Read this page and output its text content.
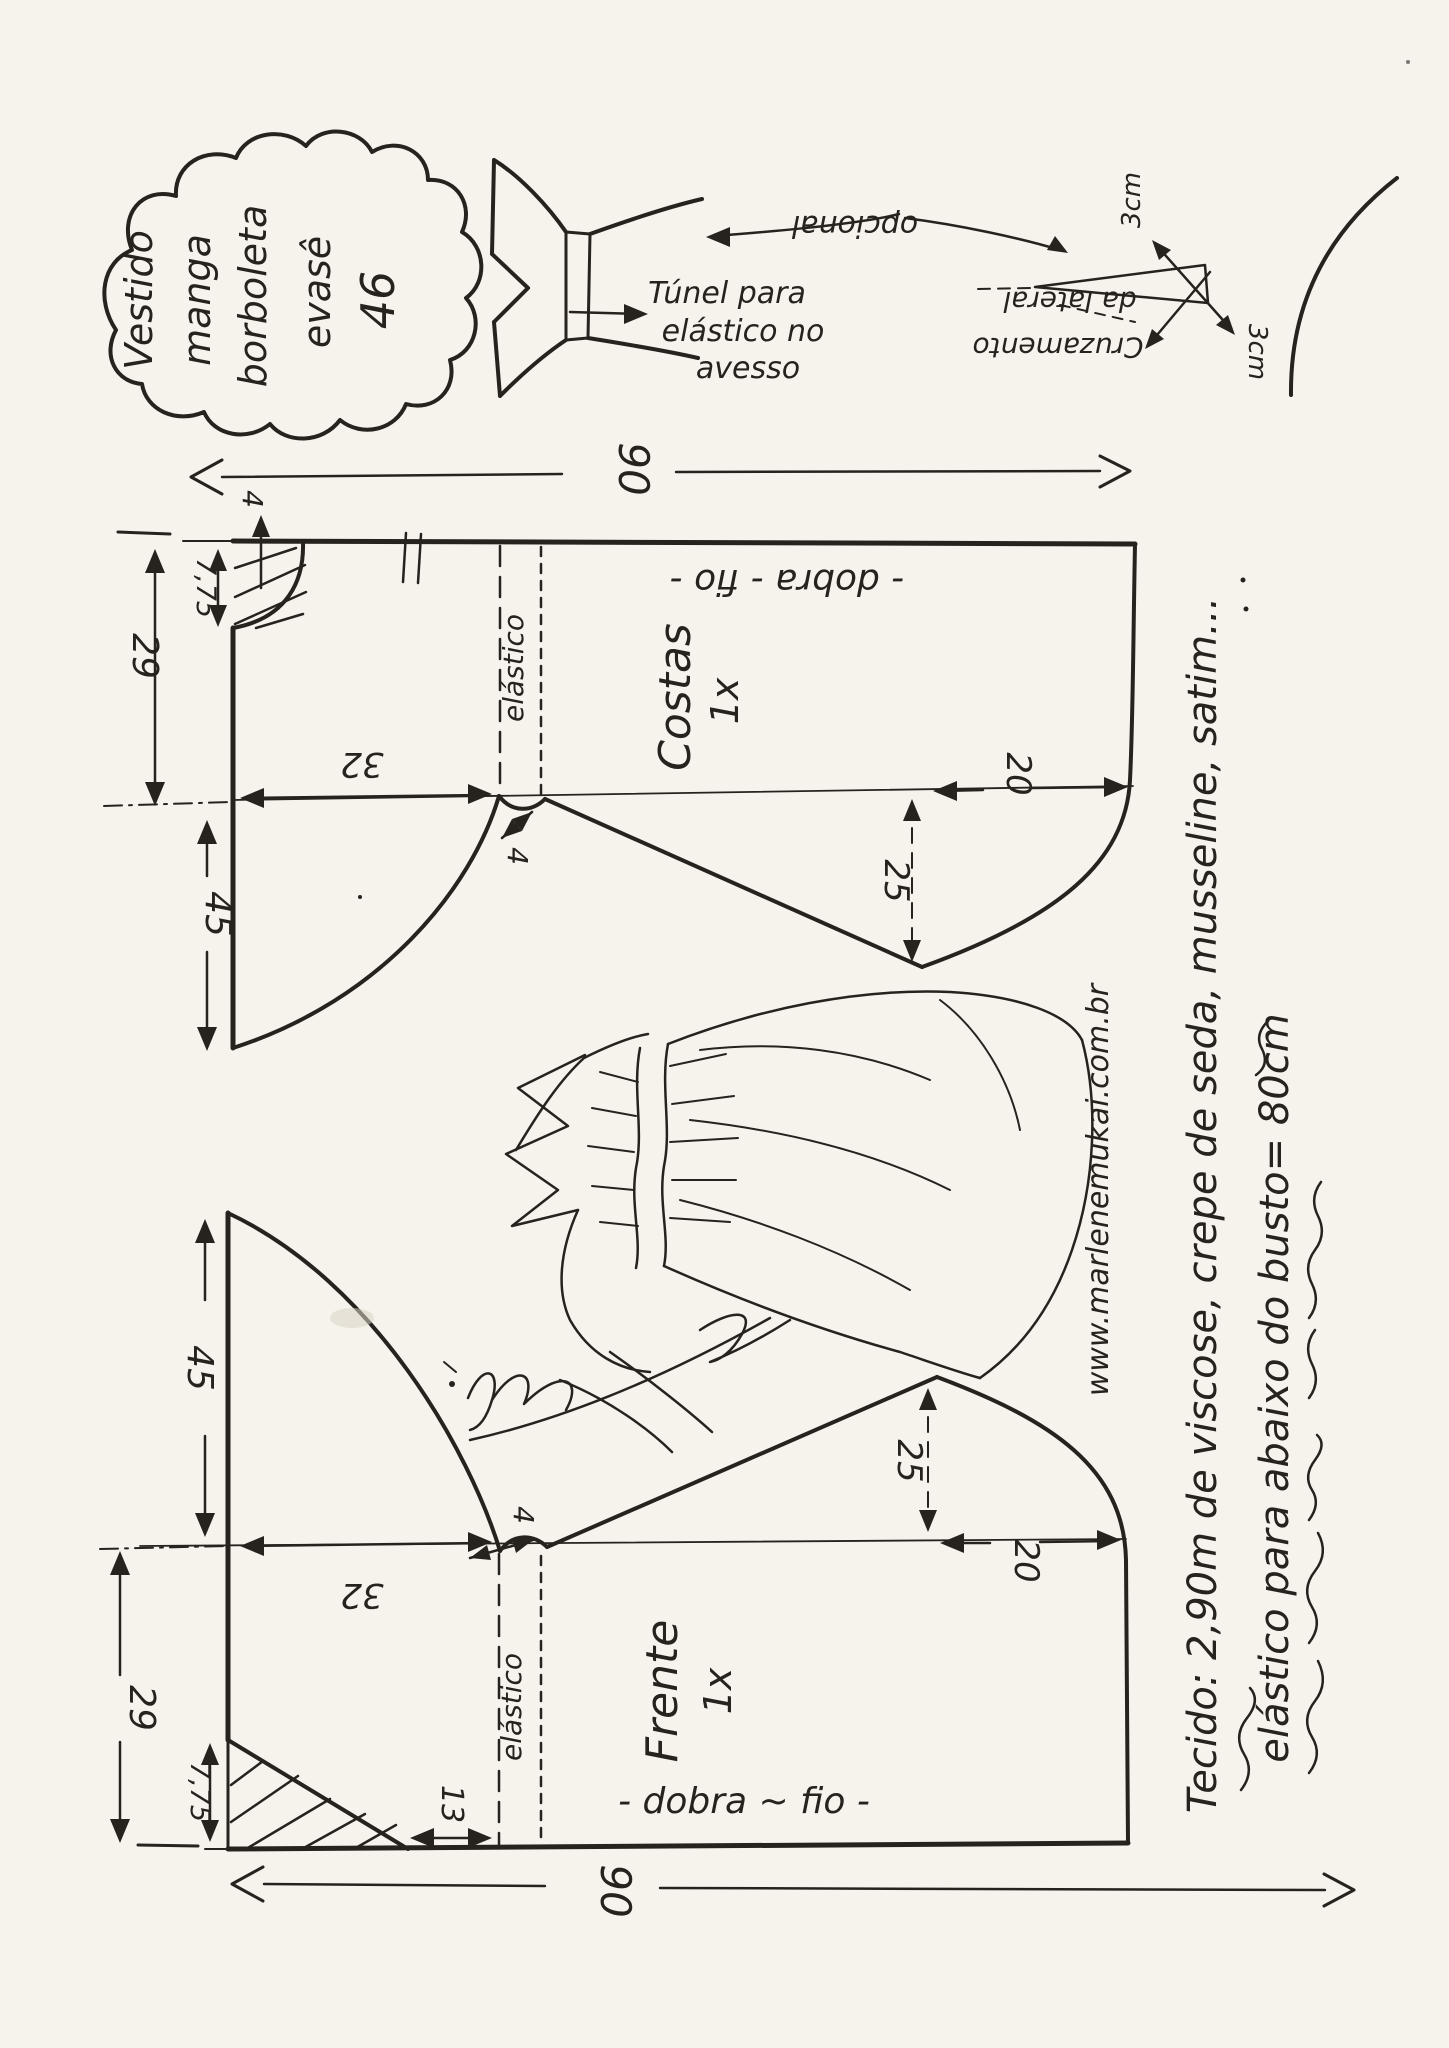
Vestido manga borboleta evasê 46	Túnel para
elástico no
avesso
opcional
da lateral
Cruzamento
3cm
3cm
90
elástico
32
4
7,75
29
45
4
25
20
Costas 1x
- dobra - fio -
elástico
32
45
29
7,75	13
4
25
20
Frente 1x
- dobra ~ fio -
90
www.marlenemukai.com.br Tecido: 2,90m de viscose, crepe de seda, musseline, satim... elástico para abaixo do busto= 80cm
